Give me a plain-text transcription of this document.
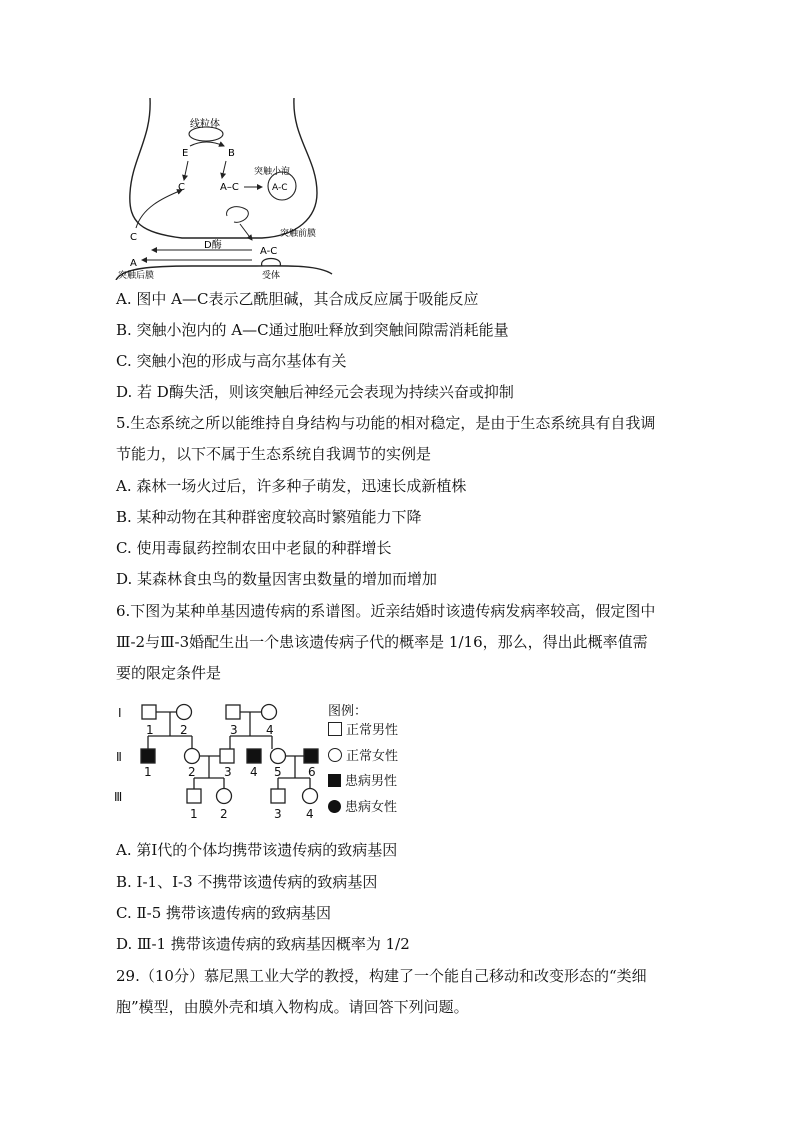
线粒体
E	B
C	A–C
突触小泡
A-C
突触前膜
C
D酶
A-C
A
突触后膜	受体
A. 图中 A—C表示乙酰胆碱，其合成反应属于吸能反应
B. 突触小泡内的 A—C通过胞吐释放到突触间隙需消耗能量
C. 突触小泡的形成与高尔基体有关
D. 若 D酶失活，则该突触后神经元会表现为持续兴奋或抑制
5.生态系统之所以能维持自身结构与功能的相对稳定，是由于生态系统具有自我调
节能力，以下不属于生态系统自我调节的实例是
A. 森林一场火过后，许多种子萌发，迅速长成新植株
B. 某种动物在其种群密度较高时繁殖能力下降
C. 使用毒鼠药控制农田中老鼠的种群增长
D. 某森林食虫鸟的数量因害虫数量的增加而增加
6.下图为某种单基因遗传病的系谱图。近亲结婚时该遗传病发病率较高，假定图中
Ⅲ-2与Ⅲ-3婚配生出一个患该遗传病子代的概率是 1/16，那么，得出此概率值需
要的限定条件是
Ⅰ
Ⅱ
Ⅲ
1 2	3 4
1	2 3 4 5 6
1 2	3 4
图例：
正常男性
正常女性
患病男性
患病女性
A. 第Ⅰ代的个体均携带该遗传病的致病基因
B. Ⅰ-1、Ⅰ-3 不携带该遗传病的致病基因
C. Ⅱ-5 携带该遗传病的致病基因
D. Ⅲ-1 携带该遗传病的致病基因概率为 1/2
29.（10分）慕尼黑工业大学的教授，构建了一个能自己移动和改变形态的“类细
胞”模型，由膜外壳和填入物构成。请回答下列问题。
